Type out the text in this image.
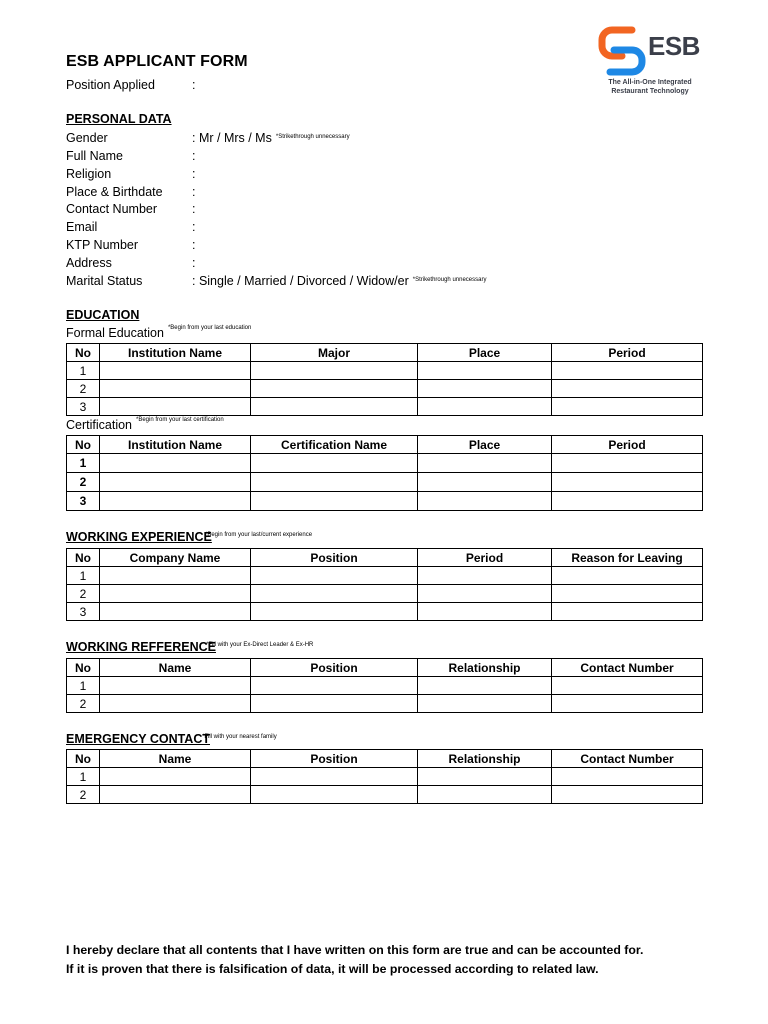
ESB APPLICANT FORM
Position Applied	:
ESB
The All-in-One Integrated
Restaurant Technology
PERSONAL DATA
Gender	: Mr / Mrs / Ms $^{*Strikethrough unnecessary}$
Full Name	:
Religion	:
Place & Birthdate :
Contact Number	:
Email	:
KTP Number	:
Address	:
Marital Status	: Single / Married / Divorced / Widow/er $^{*Strikethrough unnecessary}$
EDUCATION
Formal Education $^{*Begin from your last education}$
No	Institution Name	Major	Place	Period
1				
2				
3				
Certification $^{*Begin from your last certification}$
No	Institution Name	Certification Name	Place	Period
1				
2				
3				
WORKING EXPERIENCE
*Begin from your last/current experience
No	Company Name	Position	Period	Reason for Leaving
1				
2				
3				
WORKING REFFERENCE
*Fill with your Ex-Direct Leader & Ex-HR
No	Name	Position	Relationship	Contact Number
1				
2				
EMERGENCY CONTACT
*Fill with your nearest family
No	Name	Position	Relationship	Contact Number
1				
2				
I hereby declare that all contents that I have written on this form are true and can be accounted for.
If it is proven that there is falsification of data, it will be processed according to related law.
